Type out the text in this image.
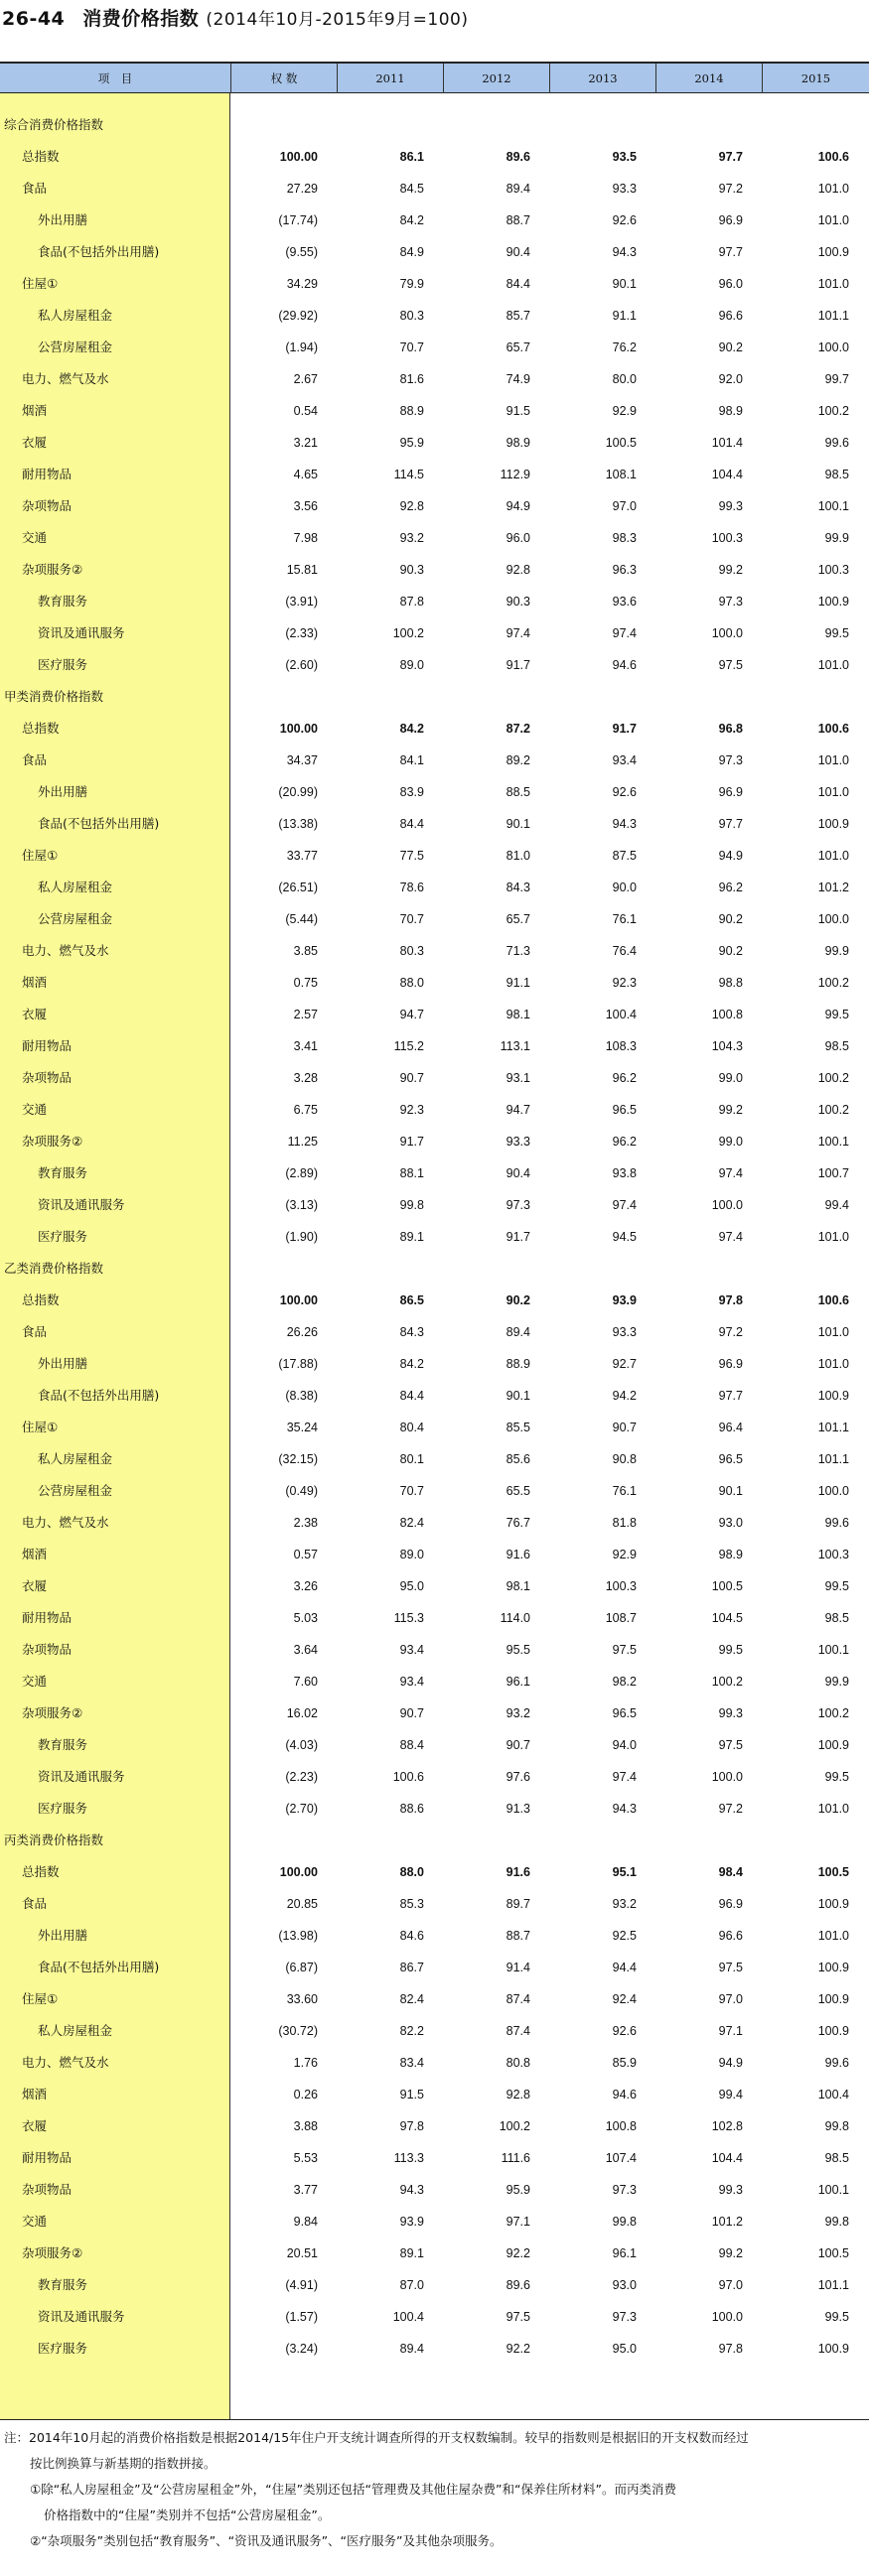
26-44 消费价格指数 (2014年10月-2015年9月=100)
项　目	权 数	2011	2012	2013	2014	2015
综合消费价格指数
总指数	100.00	86.1	89.6	93.5	97.7	100.6
食品	27.29	84.5	89.4	93.3	97.2	101.0
外出用膳	(17.74)	84.2	88.7	92.6	96.9	101.0
食品(不包括外出用膳)	(9.55)	84.9	90.4	94.3	97.7	100.9
住屋①	34.29	79.9	84.4	90.1	96.0	101.0
私人房屋租金	(29.92)	80.3	85.7	91.1	96.6	101.1
公营房屋租金	(1.94)	70.7	65.7	76.2	90.2	100.0
电力、燃气及水	2.67	81.6	74.9	80.0	92.0	99.7
烟酒	0.54	88.9	91.5	92.9	98.9	100.2
衣履	3.21	95.9	98.9	100.5	101.4	99.6
耐用物品	4.65	114.5	112.9	108.1	104.4	98.5
杂项物品	3.56	92.8	94.9	97.0	99.3	100.1
交通	7.98	93.2	96.0	98.3	100.3	99.9
杂项服务②	15.81	90.3	92.8	96.3	99.2	100.3
教育服务	(3.91)	87.8	90.3	93.6	97.3	100.9
资讯及通讯服务	(2.33)	100.2	97.4	97.4	100.0	99.5
医疗服务	(2.60)	89.0	91.7	94.6	97.5	101.0
甲类消费价格指数
总指数	100.00	84.2	87.2	91.7	96.8	100.6
食品	34.37	84.1	89.2	93.4	97.3	101.0
外出用膳	(20.99)	83.9	88.5	92.6	96.9	101.0
食品(不包括外出用膳)	(13.38)	84.4	90.1	94.3	97.7	100.9
住屋①	33.77	77.5	81.0	87.5	94.9	101.0
私人房屋租金	(26.51)	78.6	84.3	90.0	96.2	101.2
公营房屋租金	(5.44)	70.7	65.7	76.1	90.2	100.0
电力、燃气及水	3.85	80.3	71.3	76.4	90.2	99.9
烟酒	0.75	88.0	91.1	92.3	98.8	100.2
衣履	2.57	94.7	98.1	100.4	100.8	99.5
耐用物品	3.41	115.2	113.1	108.3	104.3	98.5
杂项物品	3.28	90.7	93.1	96.2	99.0	100.2
交通	6.75	92.3	94.7	96.5	99.2	100.2
杂项服务②	11.25	91.7	93.3	96.2	99.0	100.1
教育服务	(2.89)	88.1	90.4	93.8	97.4	100.7
资讯及通讯服务	(3.13)	99.8	97.3	97.4	100.0	99.4
医疗服务	(1.90)	89.1	91.7	94.5	97.4	101.0
乙类消费价格指数
总指数	100.00	86.5	90.2	93.9	97.8	100.6
食品	26.26	84.3	89.4	93.3	97.2	101.0
外出用膳	(17.88)	84.2	88.9	92.7	96.9	101.0
食品(不包括外出用膳)	(8.38)	84.4	90.1	94.2	97.7	100.9
住屋①	35.24	80.4	85.5	90.7	96.4	101.1
私人房屋租金	(32.15)	80.1	85.6	90.8	96.5	101.1
公营房屋租金	(0.49)	70.7	65.5	76.1	90.1	100.0
电力、燃气及水	2.38	82.4	76.7	81.8	93.0	99.6
烟酒	0.57	89.0	91.6	92.9	98.9	100.3
衣履	3.26	95.0	98.1	100.3	100.5	99.5
耐用物品	5.03	115.3	114.0	108.7	104.5	98.5
杂项物品	3.64	93.4	95.5	97.5	99.5	100.1
交通	7.60	93.4	96.1	98.2	100.2	99.9
杂项服务②	16.02	90.7	93.2	96.5	99.3	100.2
教育服务	(4.03)	88.4	90.7	94.0	97.5	100.9
资讯及通讯服务	(2.23)	100.6	97.6	97.4	100.0	99.5
医疗服务	(2.70)	88.6	91.3	94.3	97.2	101.0
丙类消费价格指数
总指数	100.00	88.0	91.6	95.1	98.4	100.5
食品	20.85	85.3	89.7	93.2	96.9	100.9
外出用膳	(13.98)	84.6	88.7	92.5	96.6	101.0
食品(不包括外出用膳)	(6.87)	86.7	91.4	94.4	97.5	100.9
住屋①	33.60	82.4	87.4	92.4	97.0	100.9
私人房屋租金	(30.72)	82.2	87.4	92.6	97.1	100.9
电力、燃气及水	1.76	83.4	80.8	85.9	94.9	99.6
烟酒	0.26	91.5	92.8	94.6	99.4	100.4
衣履	3.88	97.8	100.2	100.8	102.8	99.8
耐用物品	5.53	113.3	111.6	107.4	104.4	98.5
杂项物品	3.77	94.3	95.9	97.3	99.3	100.1
交通	9.84	93.9	97.1	99.8	101.2	99.8
杂项服务②	20.51	89.1	92.2	96.1	99.2	100.5
教育服务	(4.91)	87.0	89.6	93.0	97.0	101.1
资讯及通讯服务	(1.57)	100.4	97.5	97.3	100.0	99.5
医疗服务	(3.24)	89.4	92.2	95.0	97.8	100.9
注：2014年10月起的消费价格指数是根据2014/15年住户开支统计调查所得的开支权数编制。较早的指数则是根据旧的开支权数而经过
按比例换算与新基期的指数拼接。
①除“私人房屋租金”及“公营房屋租金”外，“住屋”类别还包括“管理费及其他住屋杂费”和“保养住所材料”。而丙类消费
价格指数中的“住屋”类别并不包括“公营房屋租金”。
②“杂项服务”类别包括“教育服务”、“资讯及通讯服务”、“医疗服务”及其他杂项服务。
